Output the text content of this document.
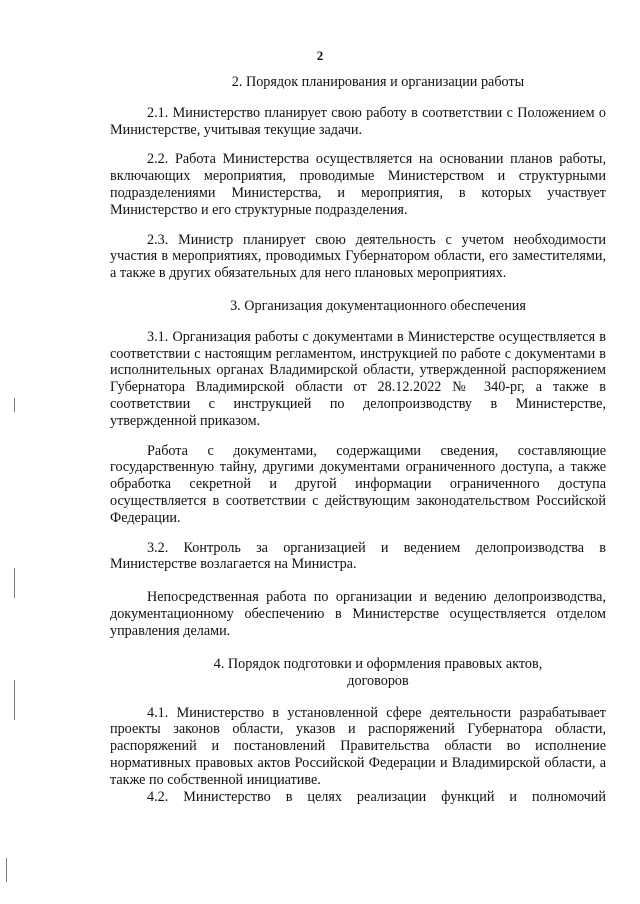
2
2. Порядок планирования и организации работы

2.1. Министерство планирует свою работу в соответствии с Положением о Министерстве, учитывая текущие задачи.

2.2. Работа Министерства осуществляется на основании планов работы, включающих мероприятия, проводимые Министерством и структурными подразделениями Министерства, и мероприятия, в которых участвует Министерство и его структурные подразделения.

2.3. Министр планирует свою деятельность с учетом необходимости участия в мероприятиях, проводимых Губернатором области, его заместителями, а также в других обязательных для него плановых мероприятиях.

3. Организация документационного обеспечения

3.1. Организация работы с документами в Министерстве осуществляется в соответствии с настоящим регламентом, инструкцией по работе с документами в исполнительных органах Владимирской области, утвержденной распоряжением Губернатора Владимирской области от 28.12.2022 № 340-рг, а также в соответствии с инструкцией по делопроизводству в Министерстве, утвержденной приказом.

Работа с документами, содержащими сведения, составляющие государственную тайну, другими документами ограниченного доступа, а также обработка секретной и другой информации ограниченного доступа осуществляется в соответствии с действующим законодательством Российской Федерации.

3.2. Контроль за организацией и ведением делопроизводства в Министерстве возлагается на Министра.

Непосредственная работа по организации и ведению делопроизводства, документационному обеспечению в Министерстве осуществляется отделом управления делами.

4. Порядок подготовки и оформления правовых актов,
договоров

4.1. Министерство в установленной сфере деятельности разрабатывает проекты законов области, указов и распоряжений Губернатора области, распоряжений и постановлений Правительства области во исполнение нормативных правовых актов Российской Федерации и Владимирской области, а также по собственной инициативе.

4.2. Министерство в целях реализации функций и полномочий
